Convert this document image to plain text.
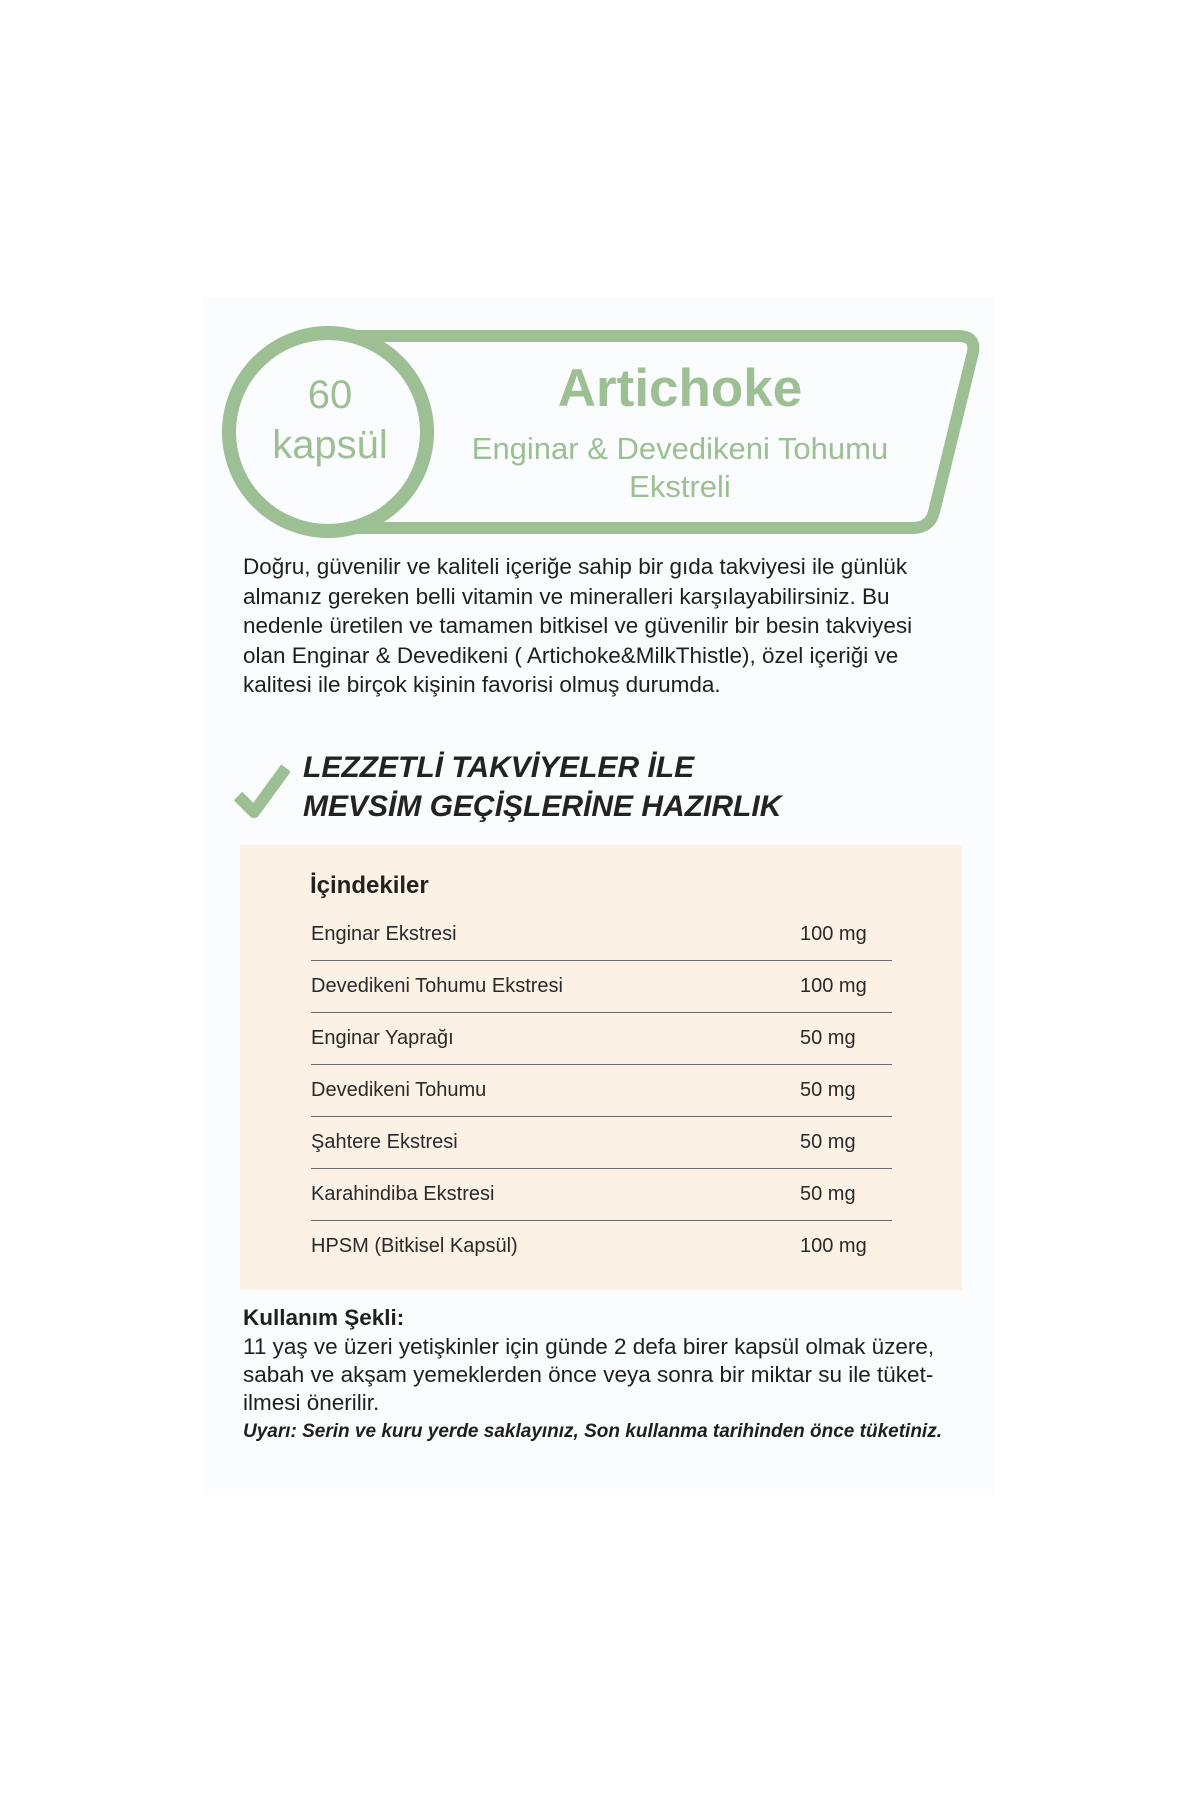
60
kapsül
Artichoke
Enginar & Devedikeni Tohumu
Ekstreli
Doğru, güvenilir ve kaliteli içeriğe sahip bir gıda takviyesi ile günlük almanız gereken belli vitamin ve mineralleri karşılayabilirsiniz. Bu nedenle üretilen ve tamamen bitkisel ve güvenilir bir besin takviyesi olan Enginar & Devedikeni ( Artichoke&MilkThistle), özel içeriği ve kalitesi ile birçok kişinin favorisi olmuş durumda.
LEZZETLİ TAKVİYELER İLE
MEVSİM GEÇİŞLERİNE HAZIRLIK
İçindekiler
Enginar Ekstresi	100 mg
Devedikeni Tohumu Ekstresi	100 mg
Enginar Yaprağı	50 mg
Devedikeni Tohumu	50 mg
Şahtere Ekstresi	50 mg
Karahindiba Ekstresi	50 mg
HPSM (Bitkisel Kapsül)	100 mg
Kullanım Şekli:
11 yaş ve üzeri yetişkinler için günde 2 defa birer kapsül olmak üzere, sabah ve akşam yemeklerden önce veya sonra bir miktar su ile tüketilmesi önerilir.
Uyarı: Serin ve kuru yerde saklayınız, Son kullanma tarihinden önce tüketiniz.
